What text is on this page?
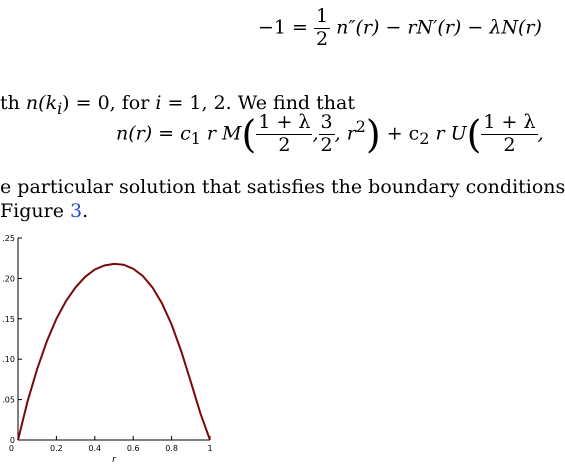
$-1 = \frac{1}{2} n''(r) - rN'(r) - \lambda N(r)$
th $n(k_i) = 0$, for i = 1, 2. We find that
$n(r) = c_1$ r $M( \frac{1 + \lambda}{2}$ , $\frac{3}{2}$ , $r^2) + c_2$ r $U( \frac{1 + \lambda}{2}$ ,
e particular solution that satisfies the boundary conditions
Figure 3.
0.2	0.4	0.6	0.8	1
.25
.20
.15
.10
.05
0
0
r
